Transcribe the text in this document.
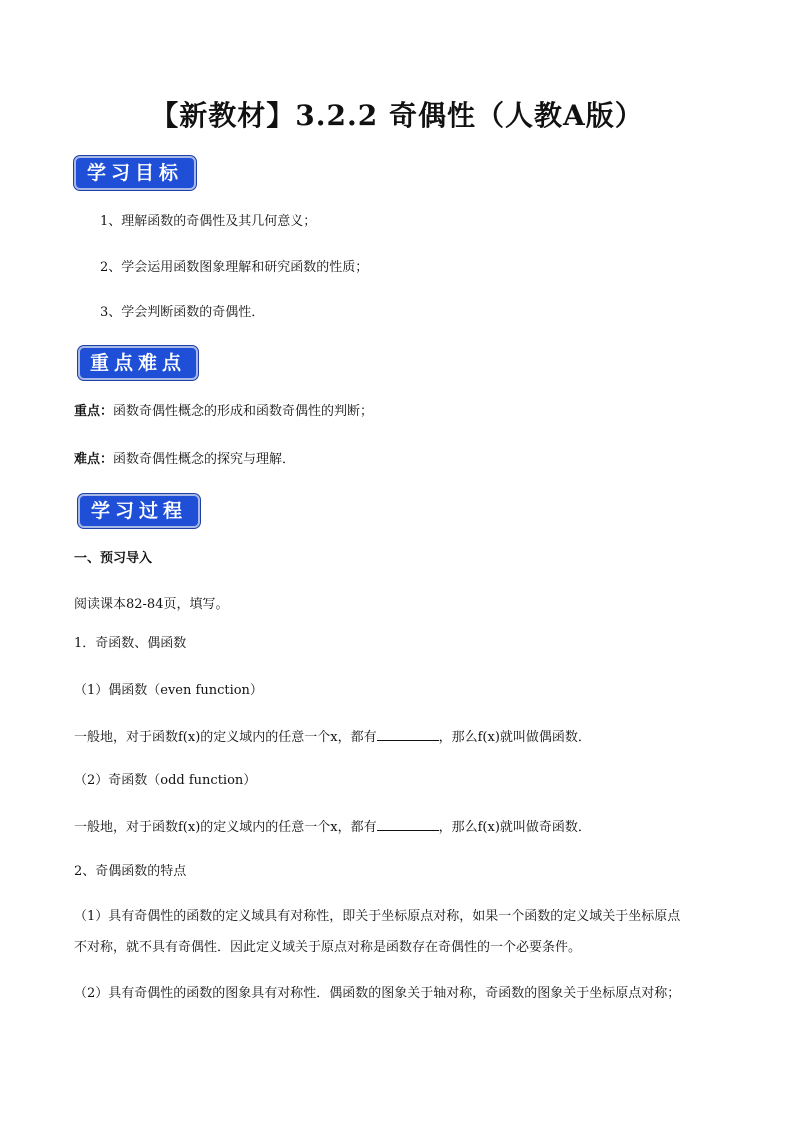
【新教材】3.2.2 奇偶性（人教A版）
学习目标
1、理解函数的奇偶性及其几何意义；
2、学会运用函数图象理解和研究函数的性质；
3、学会判断函数的奇偶性．
重点难点
重点：函数奇偶性概念的形成和函数奇偶性的判断；
难点：函数奇偶性概念的探究与理解．
学习过程
一、预习导入
阅读课本82-84页，填写。
1．奇函数、偶函数
（1）偶函数（even function）
一般地，对于函数f(x)的定义域内的任意一个x，都有	，那么f(x)就叫做偶函数．
（2）奇函数（odd function）
一般地，对于函数f(x)的定义域内的任意一个x，都有	，那么f(x)就叫做奇函数．
2、奇偶函数的特点
（1）具有奇偶性的函数的定义域具有对称性，即关于坐标原点对称，如果一个函数的定义域关于坐标原点
不对称，就不具有奇偶性．因此定义域关于原点对称是函数存在奇偶性的一个必要条件。
（2）具有奇偶性的函数的图象具有对称性．偶函数的图象关于轴对称，奇函数的图象关于坐标原点对称；
